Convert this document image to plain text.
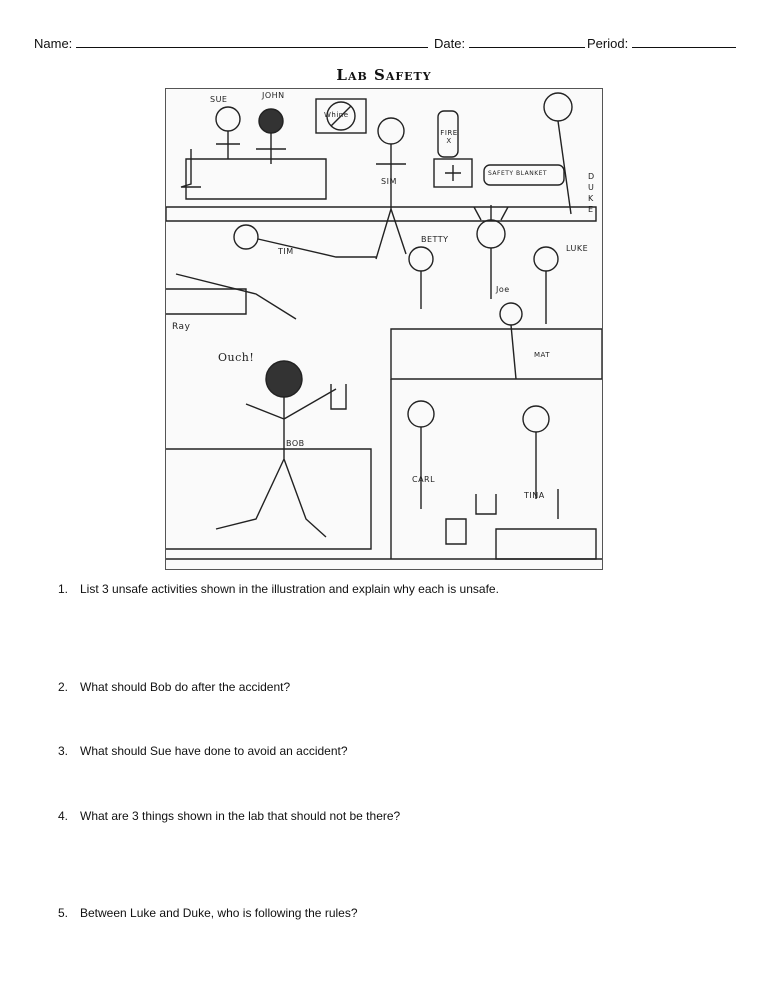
Name:	Date:	Period:
Lab Safety
SUE	JOHN
Whine
FIRE X
SAFETY BLANKET	DUKE
SIM
TIM
BETTY
LUKE
Joe
Ray
Ouch!	MAT
BOB
CARL
TINA
1. List 3 unsafe activities shown in the illustration and explain why each is unsafe.
2. What should Bob do after the accident?
3. What should Sue have done to avoid an accident?
4. What are 3 things shown in the lab that should not be there?
5. Between Luke and Duke, who is following the rules?
